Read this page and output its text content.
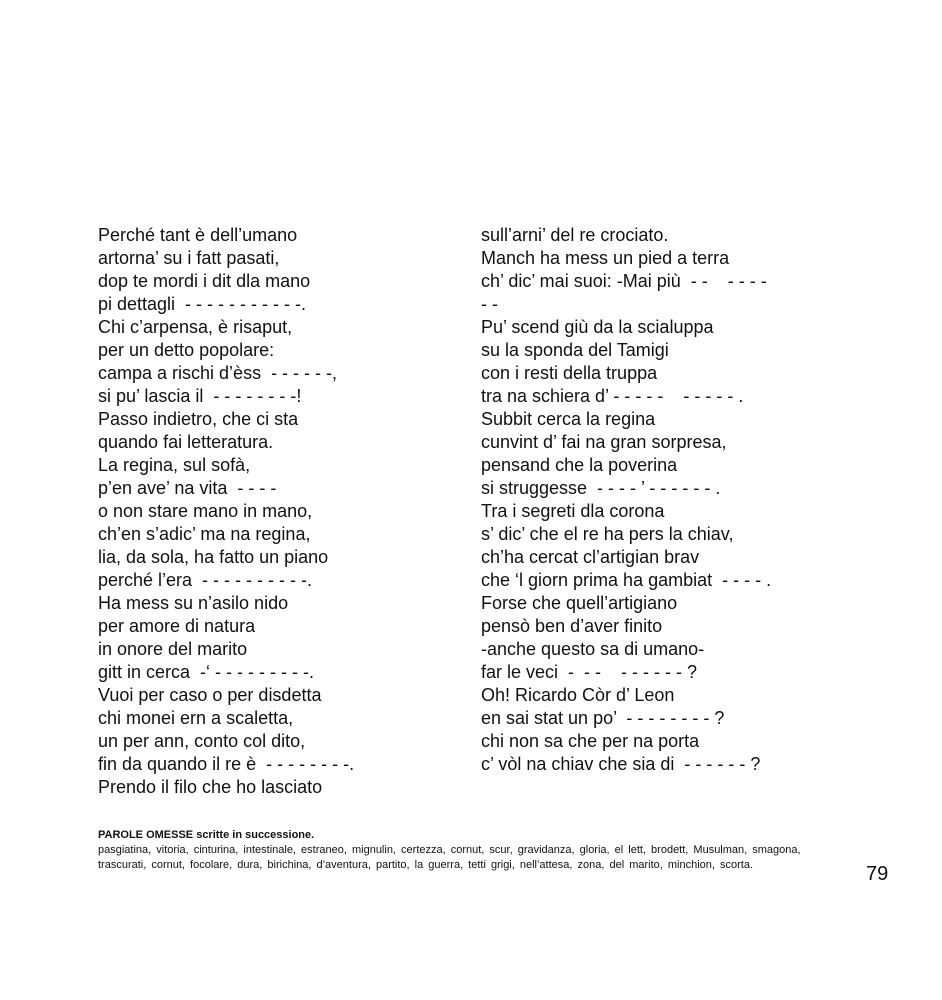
Perché tant è dell’umano
artorna’ su i fatt pasati,
dop te mordi i dit dla mano
pi dettagli  - - - - - - - - - - -.
Chi c’arpensa, è risaput,
per un detto popolare:
campa a rischi d’èss  - - - - - -,
si pu’ lascia il  - - - - - - - -!
Passo indietro, che ci sta
quando fai letteratura.
La regina, sul sofà,
p’en ave’ na vita  - - - -
o non stare mano in mano,
ch’en s’adic’ ma na regina,
lia, da sola, ha fatto un piano
perché l’era  - - - - - - - - - -.
Ha mess su n’asilo nido
per amore di natura
in onore del marito
gitt in cerca  -‘ - - - - - - - - -.
Vuoi per caso o per disdetta
chi monei ern a scaletta,
un per ann, conto col dito,
fin da quando il re è  - - - - - - - -.
Prendo il filo che ho lasciato
sull’arni’ del re crociato.
Manch ha mess un pied a terra
ch’ dic’ mai suoi: -Mai più  - -    - - - -
- -
Pu’ scend giù da la scialuppa
su la sponda del Tamigi
con i resti della truppa
tra na schiera d’ - - - - -    - - - - - .
Subbit cerca la regina
cunvint d’ fai na gran sorpresa,
pensand che la poverina
si struggesse  - - - - ’ - - - - - - .
Tra i segreti dla corona
s’ dic’ che el re ha pers la chiav,
ch’ha cercat cl’artigian brav
che ‘l giorn prima ha gambiat  - - - - .
Forse che quell’artigiano
pensò ben d’aver finito
-anche questo sa di umano-
far le veci  -  - -    - - - - - - ?
Oh! Ricardo Còr d’ Leon
en sai stat un po’  - - - - - - - - ?
chi non sa che per na porta
c’ vòl na chiav che sia di  - - - - - - ?
PAROLE OMESSE scritte in successione.
pasgiatina, vitoria, cinturina, intestinale, estraneo, mignulin, certezza, cornut, scur, gravidanza, gloria, el lett, brodett, Musulman, smagona, trascurati, cornut, focolare, dura, birichina, d’aventura, partito, la guerra, tetti grigi, nell’attesa, zona, del marito, minchion, scorta.	79
